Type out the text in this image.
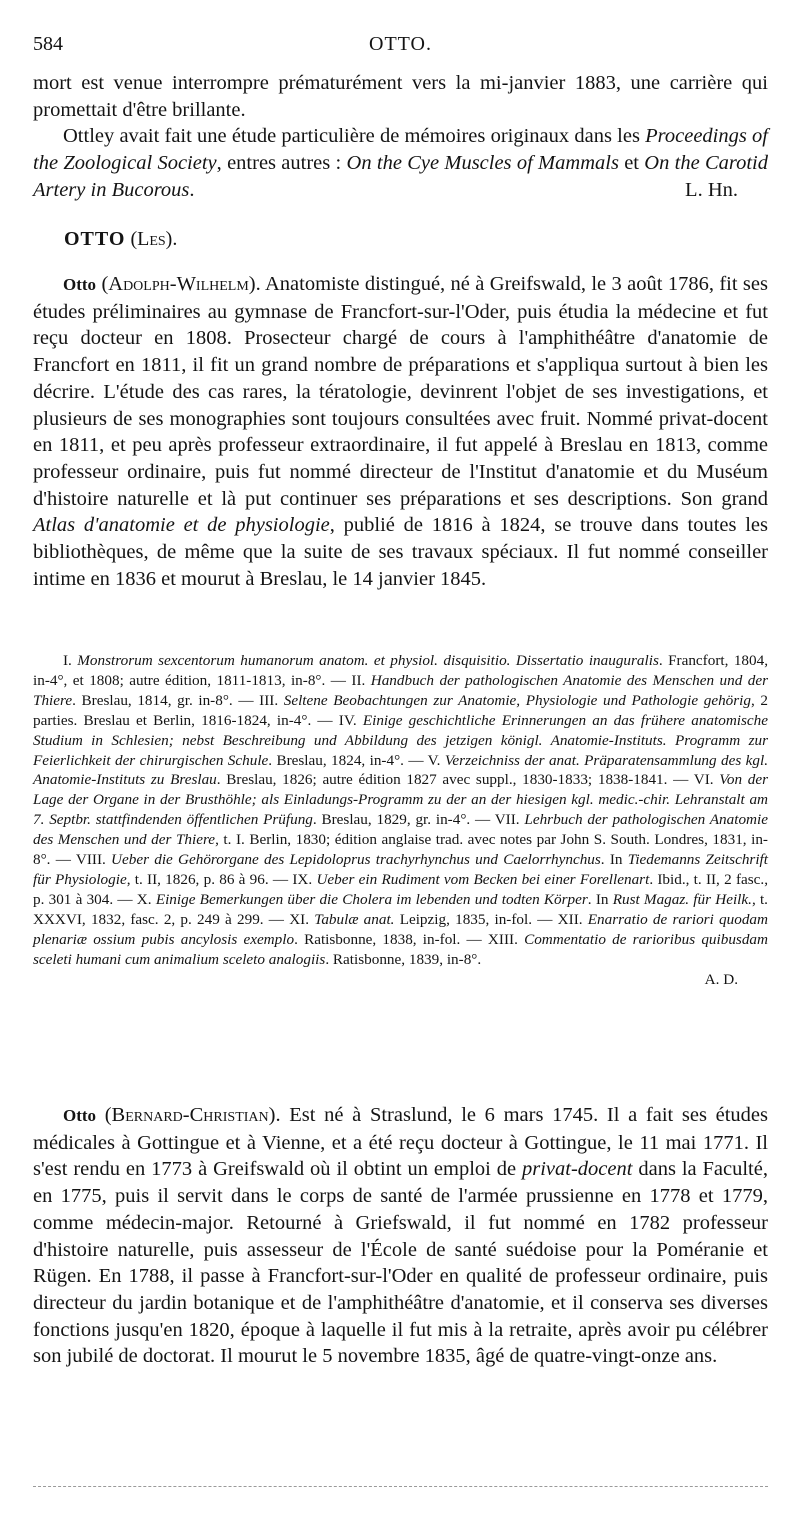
584	OTTO.

mort est venue interrompre prématurément vers la mi-janvier 1883, une carrière qui promettait d'être brillante.

Ottley avait fait une étude particulière de mémoires originaux dans les Proceedings of the Zoological Society, entres autres : On the Cye Muscles of Mammals et On the Carotid Artery in Bucorous.	L. Hn.

OTTO (Les).

Otto (Adolph-Wilhelm). Anatomiste distingué, né à Greifswald, le 3 août 1786, fit ses études préliminaires au gymnase de Francfort-sur-l'Oder, puis étudia la médecine et fut reçu docteur en 1808. Prosecteur chargé de cours à l'amphithéâtre d'anatomie de Francfort en 1811, il fit un grand nombre de préparations et s'appliqua surtout à bien les décrire. L'étude des cas rares, la tératologie, devinrent l'objet de ses investigations, et plusieurs de ses monographies sont toujours consultées avec fruit. Nommé privat-docent en 1811, et peu après professeur extraordinaire, il fut appelé à Breslau en 1813, comme professeur ordinaire, puis fut nommé directeur de l'Institut d'anatomie et du Muséum d'histoire naturelle et là put continuer ses préparations et ses descriptions. Son grand Atlas d'anatomie et de physiologie, publié de 1816 à 1824, se trouve dans toutes les bibliothèques, de même que la suite de ses travaux spéciaux. Il fut nommé conseiller intime en 1836 et mourut à Breslau, le 14 janvier 1845.

I. Monstrorum sexcentorum humanorum anatom. et physiol. disquisitio. Dissertatio inauguralis. Francfort, 1804, in-4°, et 1808; autre édition, 1811-1813, in-8°. — II. Handbuch der pathologischen Anatomie des Menschen und der Thiere. Breslau, 1814, gr. in-8°. — III. Seltene Beobachtungen zur Anatomie, Physiologie und Pathologie gehörig, 2 parties. Breslau et Berlin, 1816-1824, in-4°. — IV. Einige geschichtliche Erinnerungen an das frühere anatomische Studium in Schlesien; nebst Beschreibung und Abbildung des jetzigen königl. Anatomie-Instituts. Programm zur Feierlichkeit der chirurgischen Schule. Breslau, 1824, in-4°. — V. Verzeichniss der anat. Präparatensammlung des kgl. Anatomie-Instituts zu Breslau. Breslau, 1826; autre édition 1827 avec suppl., 1830-1833; 1838-1841. — VI. Von der Lage der Organe in der Brusthöhle; als Einladungs-Programm zu der an der hiesigen kgl. medic.-chir. Lehranstalt am 7. Septbr. stattfindenden öffentlichen Prüfung. Breslau, 1829, gr. in-4°. — VII. Lehrbuch der pathologischen Anatomie des Menschen und der Thiere, t. I. Berlin, 1830; édition anglaise trad. avec notes par John S. South. Londres, 1831, in-8°. — VIII. Ueber die Gehörorgane des Lepidoloprus trachyrhynchus und Caelorrhynchus. In Tiedemanns Zeitschrift für Physiologie, t. II, 1826, p. 86 à 96. — IX. Ueber ein Rudiment vom Becken bei einer Forellenart. Ibid., t. II, 2 fasc., p. 301 à 304. — X. Einige Bemerkungen über die Cholera im lebenden und todten Körper. In Rust Magaz. für Heilk., t. XXXVI, 1832, fasc. 2, p. 249 à 299. — XI. Tabulæ anat. Leipzig, 1835, in-fol. — XII. Enarratio de rariori quodam plenariæ ossium pubis ancylosis exemplo. Ratisbonne, 1838, in-fol. — XIII. Commentatio de rarioribus quibusdam sceleti humani cum animalium sceleto analogiis. Ratisbonne, 1839, in-8°.

A. D.

Otto (Bernard-Christian). Est né à Straslund, le 6 mars 1745. Il a fait ses études médicales à Gottingue et à Vienne, et a été reçu docteur à Gottingue, le 11 mai 1771. Il s'est rendu en 1773 à Greifswald où il obtint un emploi de privat-docent dans la Faculté, en 1775, puis il servit dans le corps de santé de l'armée prussienne en 1778 et 1779, comme médecin-major. Retourné à Griefswald, il fut nommé en 1782 professeur d'histoire naturelle, puis assesseur de l'École de santé suédoise pour la Poméranie et Rügen. En 1788, il passe à Francfort-sur-l'Oder en qualité de professeur ordinaire, puis directeur du jardin botanique et de l'amphithéâtre d'anatomie, et il conserva ses diverses fonctions jusqu'en 1820, époque à laquelle il fut mis à la retraite, après avoir pu célébrer son jubilé de doctorat. Il mourut le 5 novembre 1835, âgé de quatre-vingt-onze ans.
